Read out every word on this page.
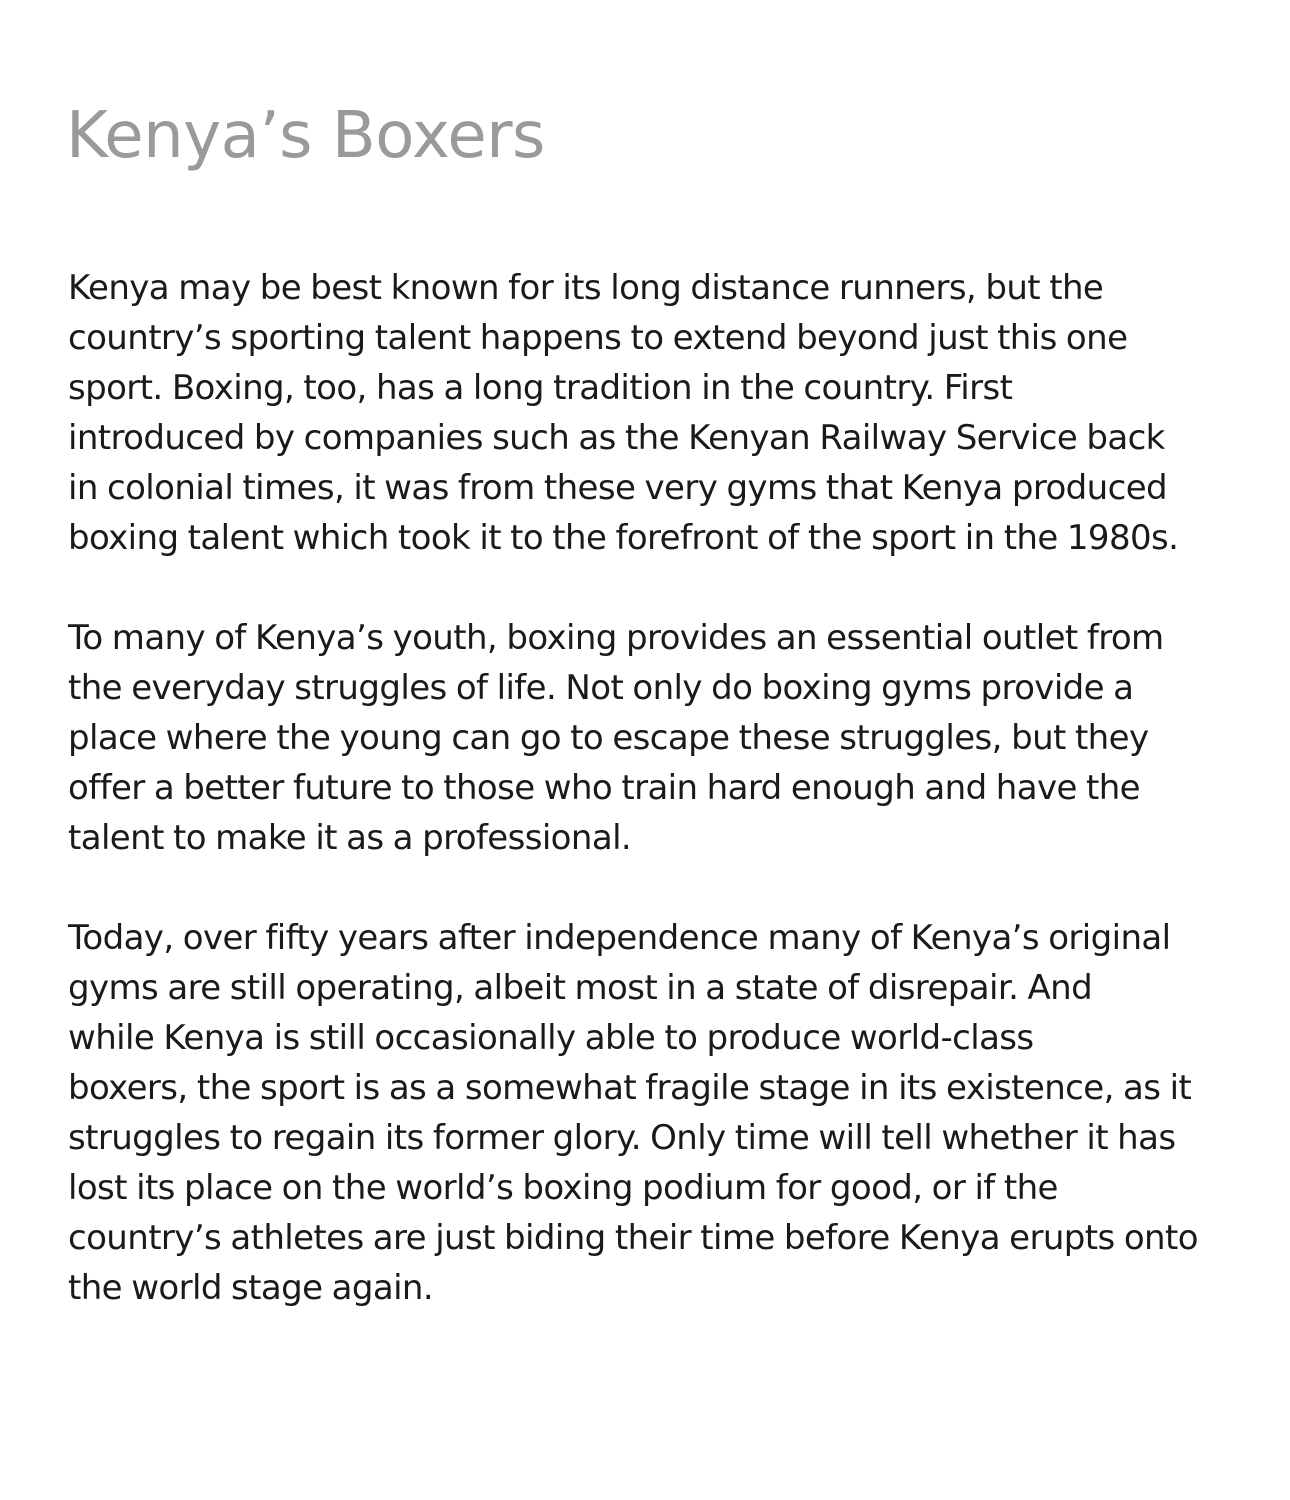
Kenya’s Boxers

Kenya may be best known for its long distance runners, but the
country’s sporting talent happens to extend beyond just this one
sport. Boxing, too, has a long tradition in the country. First
introduced by companies such as the Kenyan Railway Service back
in colonial times, it was from these very gyms that Kenya produced
boxing talent which took it to the forefront of the sport in the 1980s.

To many of Kenya’s youth, boxing provides an essential outlet from
the everyday struggles of life. Not only do boxing gyms provide a
place where the young can go to escape these struggles, but they
offer a better future to those who train hard enough and have the
talent to make it as a professional.

Today, over fifty years after independence many of Kenya’s original
gyms are still operating, albeit most in a state of disrepair. And
while Kenya is still occasionally able to produce world-class
boxers, the sport is as a somewhat fragile stage in its existence, as it
struggles to regain its former glory. Only time will tell whether it has
lost its place on the world’s boxing podium for good, or if the
country’s athletes are just biding their time before Kenya erupts onto
the world stage again.
